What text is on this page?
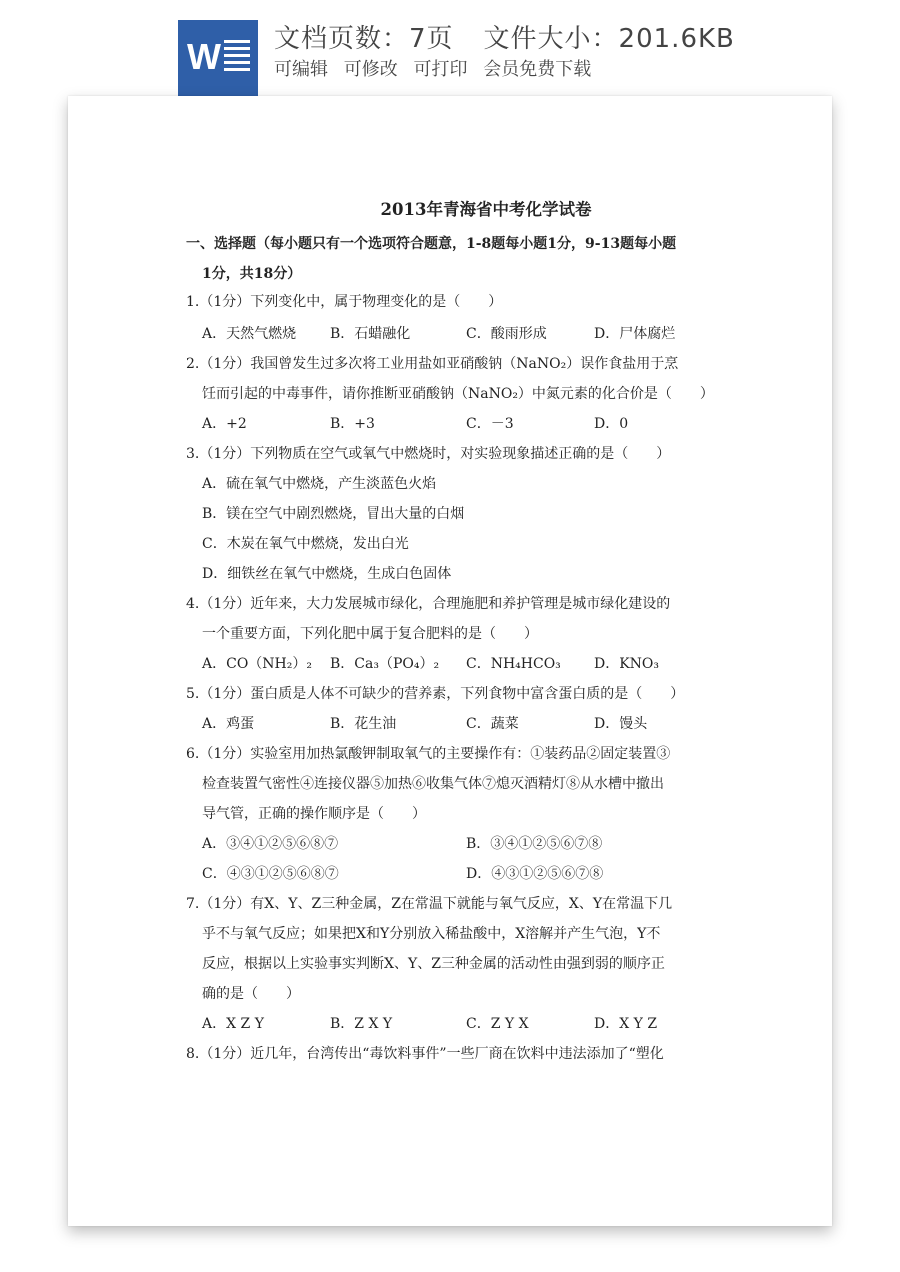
W 文档页数：7页 文件大小：201.6KB
可编辑 可修改 可打印 会员免费下载
2013年青海省中考化学试卷
一、选择题（每小题只有一个选项符合题意，1-8题每小题1分，9-13题每小题
1分，共18分）
1.（1分）下列变化中，属于物理变化的是（　　）
A．天然气燃烧 B．石蜡融化	C．酸雨形成	D．尸体腐烂
2.（1分）我国曾发生过多次将工业用盐如亚硝酸钠（NaNO₂）误作食盐用于烹
饪而引起的中毒事件，请你推断亚硝酸钠（NaNO₂）中氮元素的化合价是（　　）
A．+2	B．+3	C．－3	D．0
3.（1分）下列物质在空气或氧气中燃烧时，对实验现象描述正确的是（　　）
A．硫在氧气中燃烧，产生淡蓝色火焰
B．镁在空气中剧烈燃烧，冒出大量的白烟
C．木炭在氧气中燃烧，发出白光
D．细铁丝在氧气中燃烧，生成白色固体
4.（1分）近年来，大力发展城市绿化，合理施肥和养护管理是城市绿化建设的
一个重要方面，下列化肥中属于复合肥料的是（　　）
A．CO（NH₂）₂ B．Ca₃（PO₄）₂ C．NH₄HCO₃ D．KNO₃
5.（1分）蛋白质是人体不可缺少的营养素，下列食物中富含蛋白质的是（　　）
A．鸡蛋	B．花生油	C．蔬菜	D．馒头
6.（1分）实验室用加热氯酸钾制取氧气的主要操作有：①装药品②固定装置③
检查装置气密性④连接仪器⑤加热⑥收集气体⑦熄灭酒精灯⑧从水槽中撤出
导气管，正确的操作顺序是（　　）
A．③④①②⑤⑥⑧⑦	B．③④①②⑤⑥⑦⑧
C．④③①②⑤⑥⑧⑦	D．④③①②⑤⑥⑦⑧
7.（1分）有X、Y、Z三种金属，Z在常温下就能与氧气反应，X、Y在常温下几
乎不与氧气反应；如果把X和Y分别放入稀盐酸中，X溶解并产生气泡，Y不
反应，根据以上实验事实判断X、Y、Z三种金属的活动性由强到弱的顺序正
确的是（　　）
A．X Z Y	B．Z X Y	C．Z Y X	D．X Y Z
8.（1分）近几年，台湾传出“毒饮料事件”一些厂商在饮料中违法添加了“塑化
